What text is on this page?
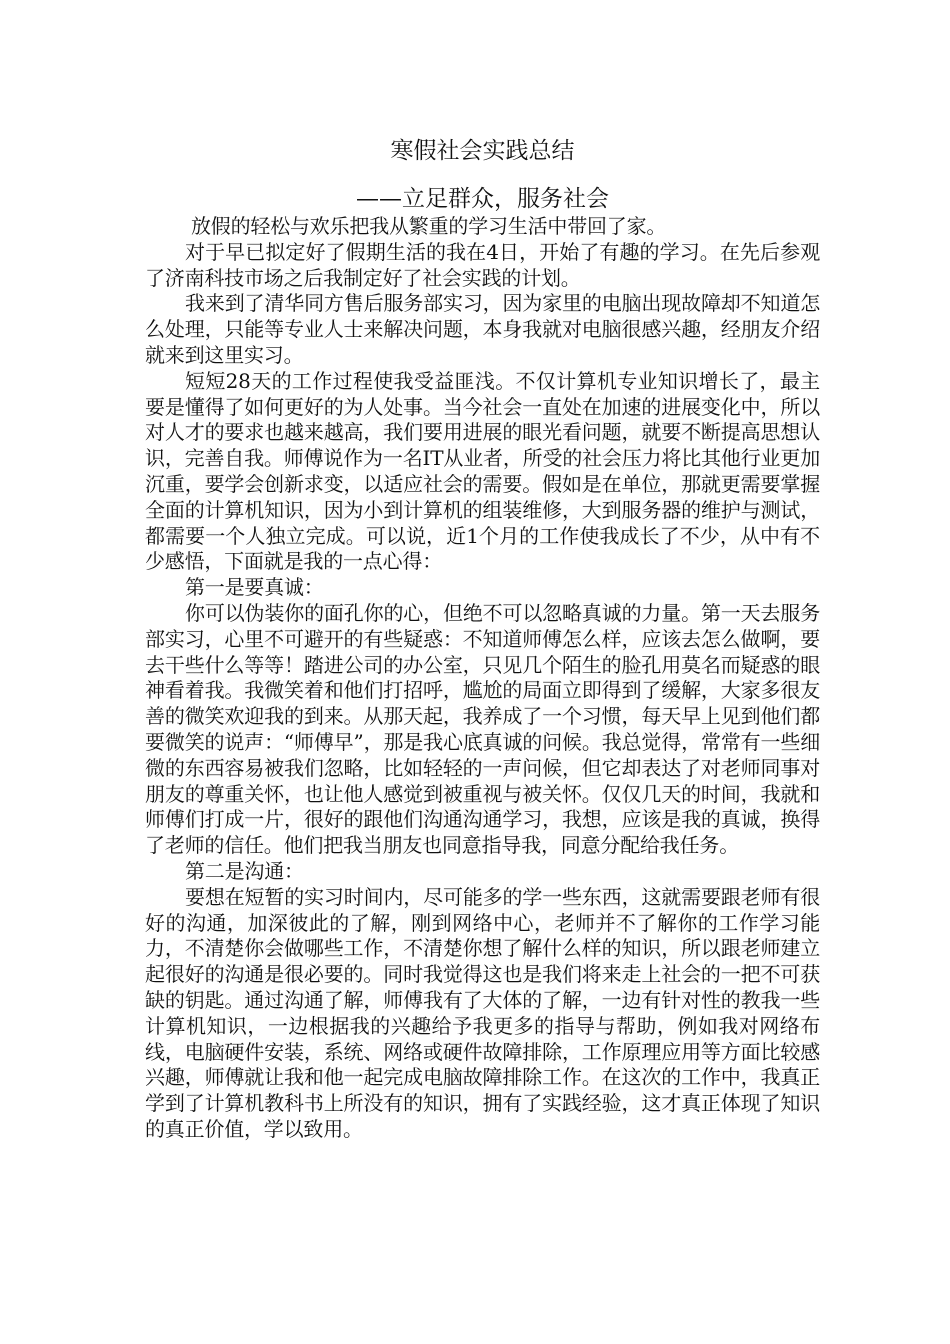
寒假社会实践总结
——立足群众，服务社会

放假的轻松与欢乐把我从繁重的学习生活中带回了家。

对于早已拟定好了假期生活的我在4日，开始了有趣的学习。在先后参观了济南科技市场之后我制定好了社会实践的计划。

我来到了清华同方售后服务部实习，因为家里的电脑出现故障却不知道怎么处理，只能等专业人士来解决问题，本身我就对电脑很感兴趣，经朋友介绍就来到这里实习。

短短28天的工作过程使我受益匪浅。不仅计算机专业知识增长了，最主要是懂得了如何更好的为人处事。当今社会一直处在加速的进展变化中，所以对人才的要求也越来越高，我们要用进展的眼光看问题，就要不断提高思想认识，完善自我。师傅说作为一名IT从业者，所受的社会压力将比其他行业更加沉重，要学会创新求变，以适应社会的需要。假如是在单位，那就更需要掌握全面的计算机知识，因为小到计算机的组装维修，大到服务器的维护与测试，都需要一个人独立完成。可以说，近1个月的工作使我成长了不少，从中有不少感悟，下面就是我的一点心得：

第一是要真诚：

你可以伪装你的面孔你的心，但绝不可以忽略真诚的力量。第一天去服务部实习，心里不可避开的有些疑惑：不知道师傅怎么样，应该去怎么做啊，要去干些什么等等！踏进公司的办公室，只见几个陌生的脸孔用莫名而疑惑的眼神看着我。我微笑着和他们打招呼，尴尬的局面立即得到了缓解，大家多很友善的微笑欢迎我的到来。从那天起，我养成了一个习惯，每天早上见到他们都要微笑的说声：“师傅早”，那是我心底真诚的问候。我总觉得，常常有一些细微的东西容易被我们忽略，比如轻轻的一声问候，但它却表达了对老师同事对朋友的尊重关怀，也让他人感觉到被重视与被关怀。仅仅几天的时间，我就和师傅们打成一片，很好的跟他们沟通沟通学习，我想，应该是我的真诚，换得了老师的信任。他们把我当朋友也同意指导我，同意分配给我任务。

第二是沟通：

要想在短暂的实习时间内，尽可能多的学一些东西，这就需要跟老师有很好的沟通，加深彼此的了解，刚到网络中心，老师并不了解你的工作学习能力，不清楚你会做哪些工作，不清楚你想了解什么样的知识，所以跟老师建立起很好的沟通是很必要的。同时我觉得这也是我们将来走上社会的一把不可获缺的钥匙。通过沟通了解，师傅我有了大体的了解，一边有针对性的教我一些计算机知识，一边根据我的兴趣给予我更多的指导与帮助，例如我对网络布线，电脑硬件安装，系统、网络或硬件故障排除，工作原理应用等方面比较感兴趣，师傅就让我和他一起完成电脑故障排除工作。在这次的工作中，我真正学到了计算机教科书上所没有的知识，拥有了实践经验，这才真正体现了知识的真正价值，学以致用。
